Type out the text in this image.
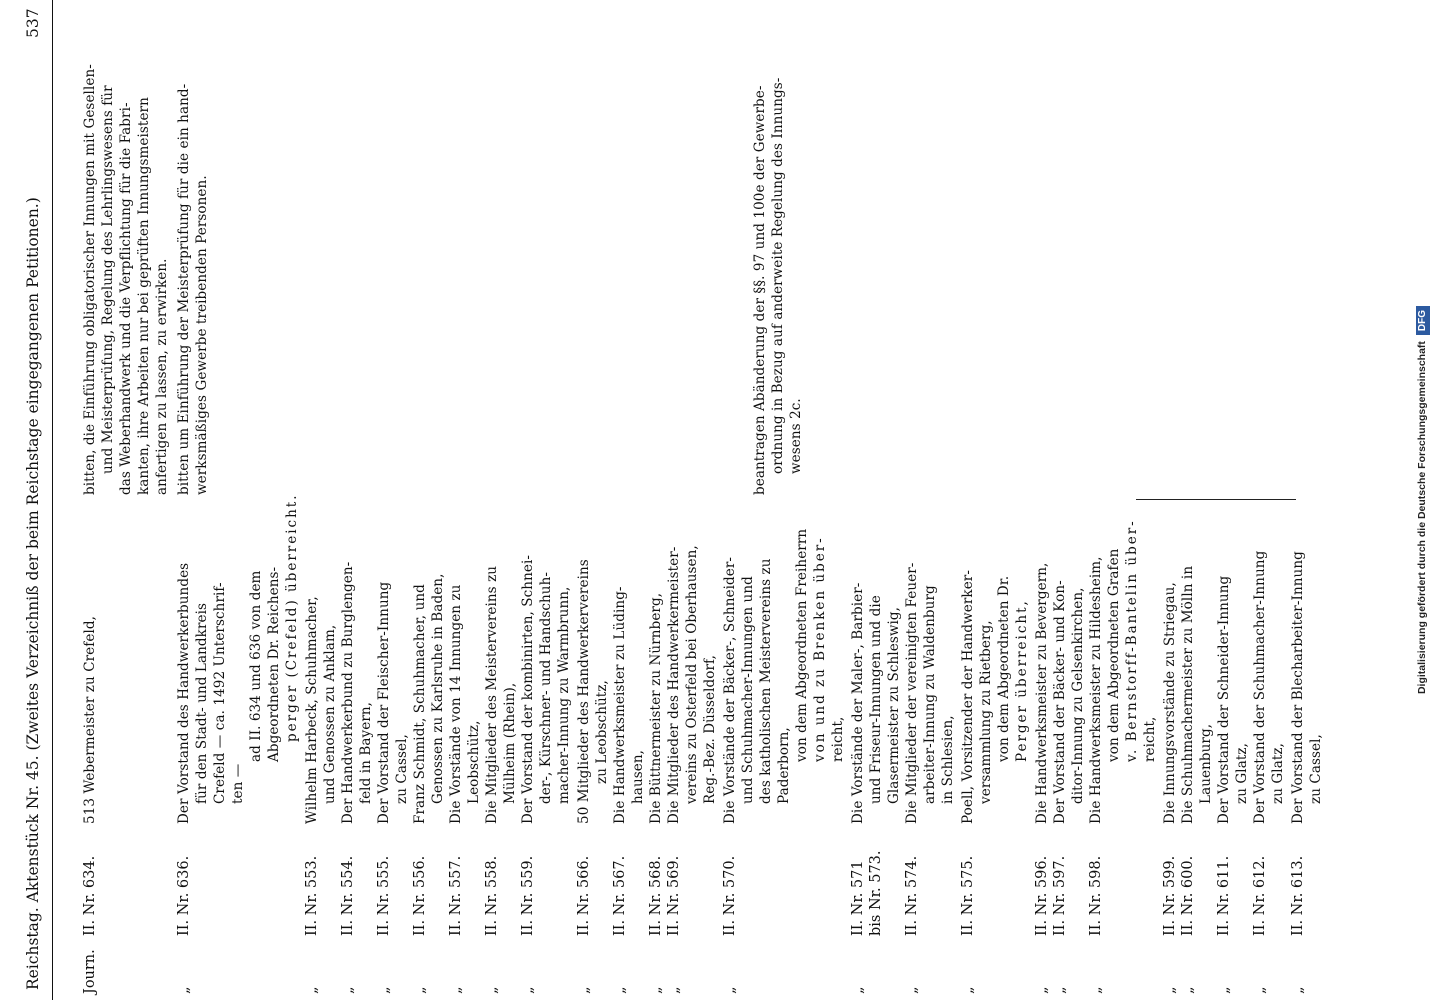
Reichstag. Aktenstück Nr. 45. (Zweites Verzeichniß der beim Reichstage eingegangenen Petitionen.)
537
Journ.
II. Nr. 634.
513 Webermeister zu Crefeld,
bitten, die Einführung obligatorischer Innungen mit Gesellen- und Meisterprüfung, Regelung des Lehrlingswesens für das Weberhandwerk und die Verpflichtung für die Fabri- kanten, ihre Arbeiten nur bei geprüften Innungsmeistern anfertigen zu lassen, zu erwirken.
„
II. Nr. 636.
Der Vorstand des Handwerkerbundes für den Stadt- und Landkreis Crefeld — ca. 1492 Unterschrif- ten —
ad II. 634 und 636 von dem Abgeordneten Dr. Reichens- perger (Crefeld) überreicht.
bitten um Einführung der Meisterprüfung für die ein hand- werksmäßiges Gewerbe treibenden Personen.
„
II. Nr. 553.
Wilhelm Harbeck, Schuhmacher, und Genossen zu Anklam,
„
II. Nr. 554.
Der Handwerkerbund zu Burglengen- feld in Bayern,
„
II. Nr. 555.
Der Vorstand der Fleischer-Innung zu Cassel,
„
II. Nr. 556.
Franz Schmidt, Schuhmacher, und Genossen zu Karlsruhe in Baden,
„
II. Nr. 557.
Die Vorstände von 14 Innungen zu Leobschütz,
„
II. Nr. 558.
Die Mitglieder des Meistervereins zu Mülheim (Rhein),
„
II. Nr. 559.
Der Vorstand der kombinirten, Schnei- der-, Kürschner- und Handschuh- macher-Innung zu Warmbrunn,
„
II. Nr. 566.
50 Mitglieder des Handwerkervereins zu Leobschütz,
„
II. Nr. 567.
Die Handwerksmeister zu Lüding- hausen,
„
II. Nr. 568.
Die Büttnermeister zu Nürnberg,
„
II. Nr. 569.
Die Mitglieder des Handwerkermeister- vereins zu Osterfeld bei Oberhausen, Reg.-Bez. Düsseldorf,
„
II. Nr. 570.
Die Vorstände der Bäcker-, Schneider- und Schuhmacher-Innungen und des katholischen Meistervereins zu Paderborn,
von dem Abgeordneten Freiherrn von und zu Brenken über- reicht,
beantragen Abänderung der §§. 97 und 100e der Gewerbe- ordnung in Bezug auf anderweite Regelung des Innungs- wesens 2c.
„
II. Nr. 571 bis Nr. 573.
Die Vorstände der Maler-, Barbier- und Friseur-Innungen und die Glasermeister zu Schleswig,
„
II. Nr. 574.
Die Mitglieder der vereinigten Feuer- arbeiter-Innung zu Waldenburg in Schlesien,
„
II. Nr. 575.
Poell, Vorsitzender der Handwerker- versammlung zu Rietberg, von dem Abgeordneten Dr. Perger überreicht,
„
II. Nr. 596.
Die Handwerksmeister zu Bevergern,
„
II. Nr. 597.
Der Vorstand der Bäcker- und Kon- ditor-Innung zu Gelsenkirchen,
„
II. Nr. 598.
Die Handwerksmeister zu Hildesheim, von dem Abgeordneten Grafen v. Bernstorff-Bantelin über- reicht,
„
II. Nr. 599.
Die Innungsvorstände zu Striegau,
„
II. Nr. 600.
Die Schuhmachermeister zu Mölln in Lauenburg,
„
II. Nr. 611.
Der Vorstand der Schneider-Innung zu Glatz,
„
II. Nr. 612.
Der Vorstand der Schuhmacher-Innung zu Glatz,
„
II. Nr. 613.
Der Vorstand der Blecharbeiter-Innung zu Cassel,
Digitalisierung gefördert durch die Deutsche ForschungsgemeinschaftDFG
